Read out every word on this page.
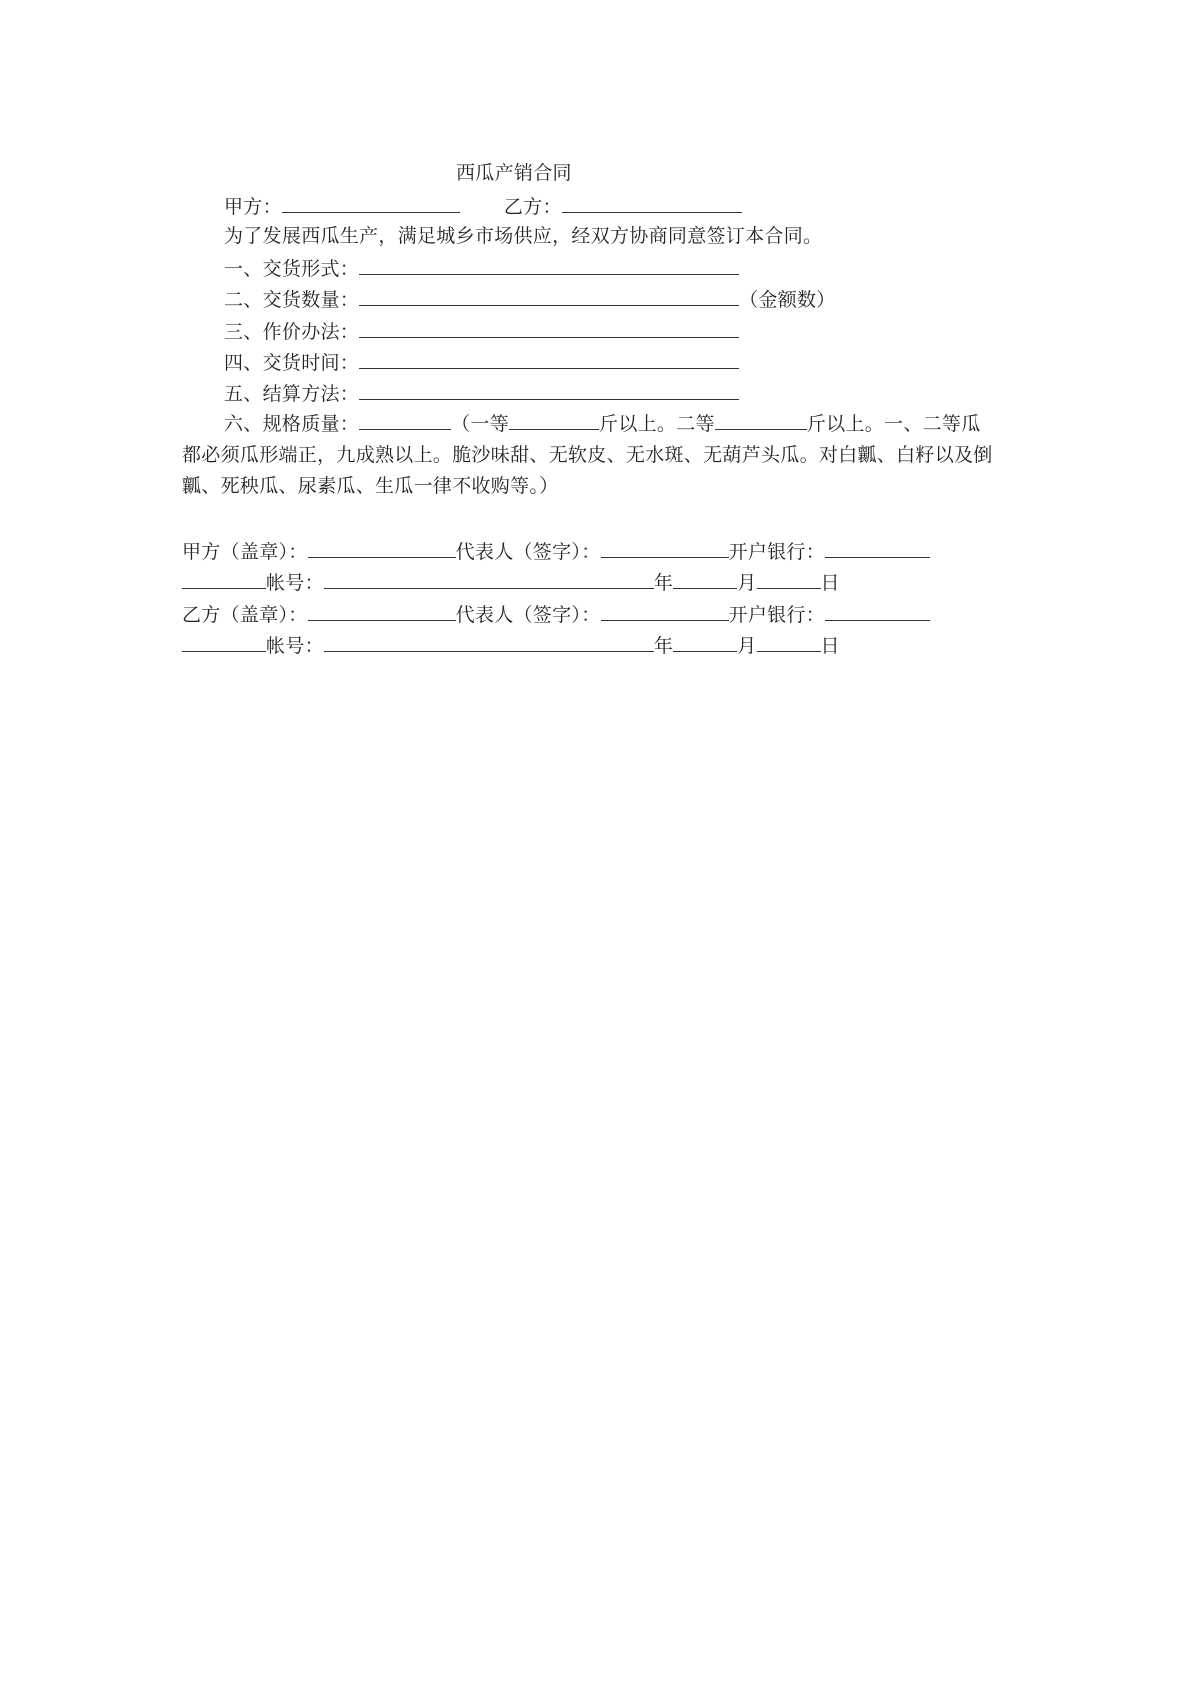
西瓜产销合同
甲方：	乙方：
为了发展西瓜生产，满足城乡市场供应，经双方协商同意签订本合同。
一、交货形式：
二、交货数量：	（金额数）
三、作价办法：
四、交货时间：
五、结算方法：
六、规格质量：	（一等	斤以上。二等	斤以上。一、二等瓜都必须瓜形端正，九成熟以上。脆沙味甜、无软皮、无水斑、无葫芦头瓜。对白瓤、白籽以及倒瓤、死秧瓜、尿素瓜、生瓜一律不收购等。）
甲方（盖章）：	代表人（签字）：	开户银行：
帐号：	年	月	日
乙方（盖章）：	代表人（签字）：	开户银行：
帐号：	年	月	日
